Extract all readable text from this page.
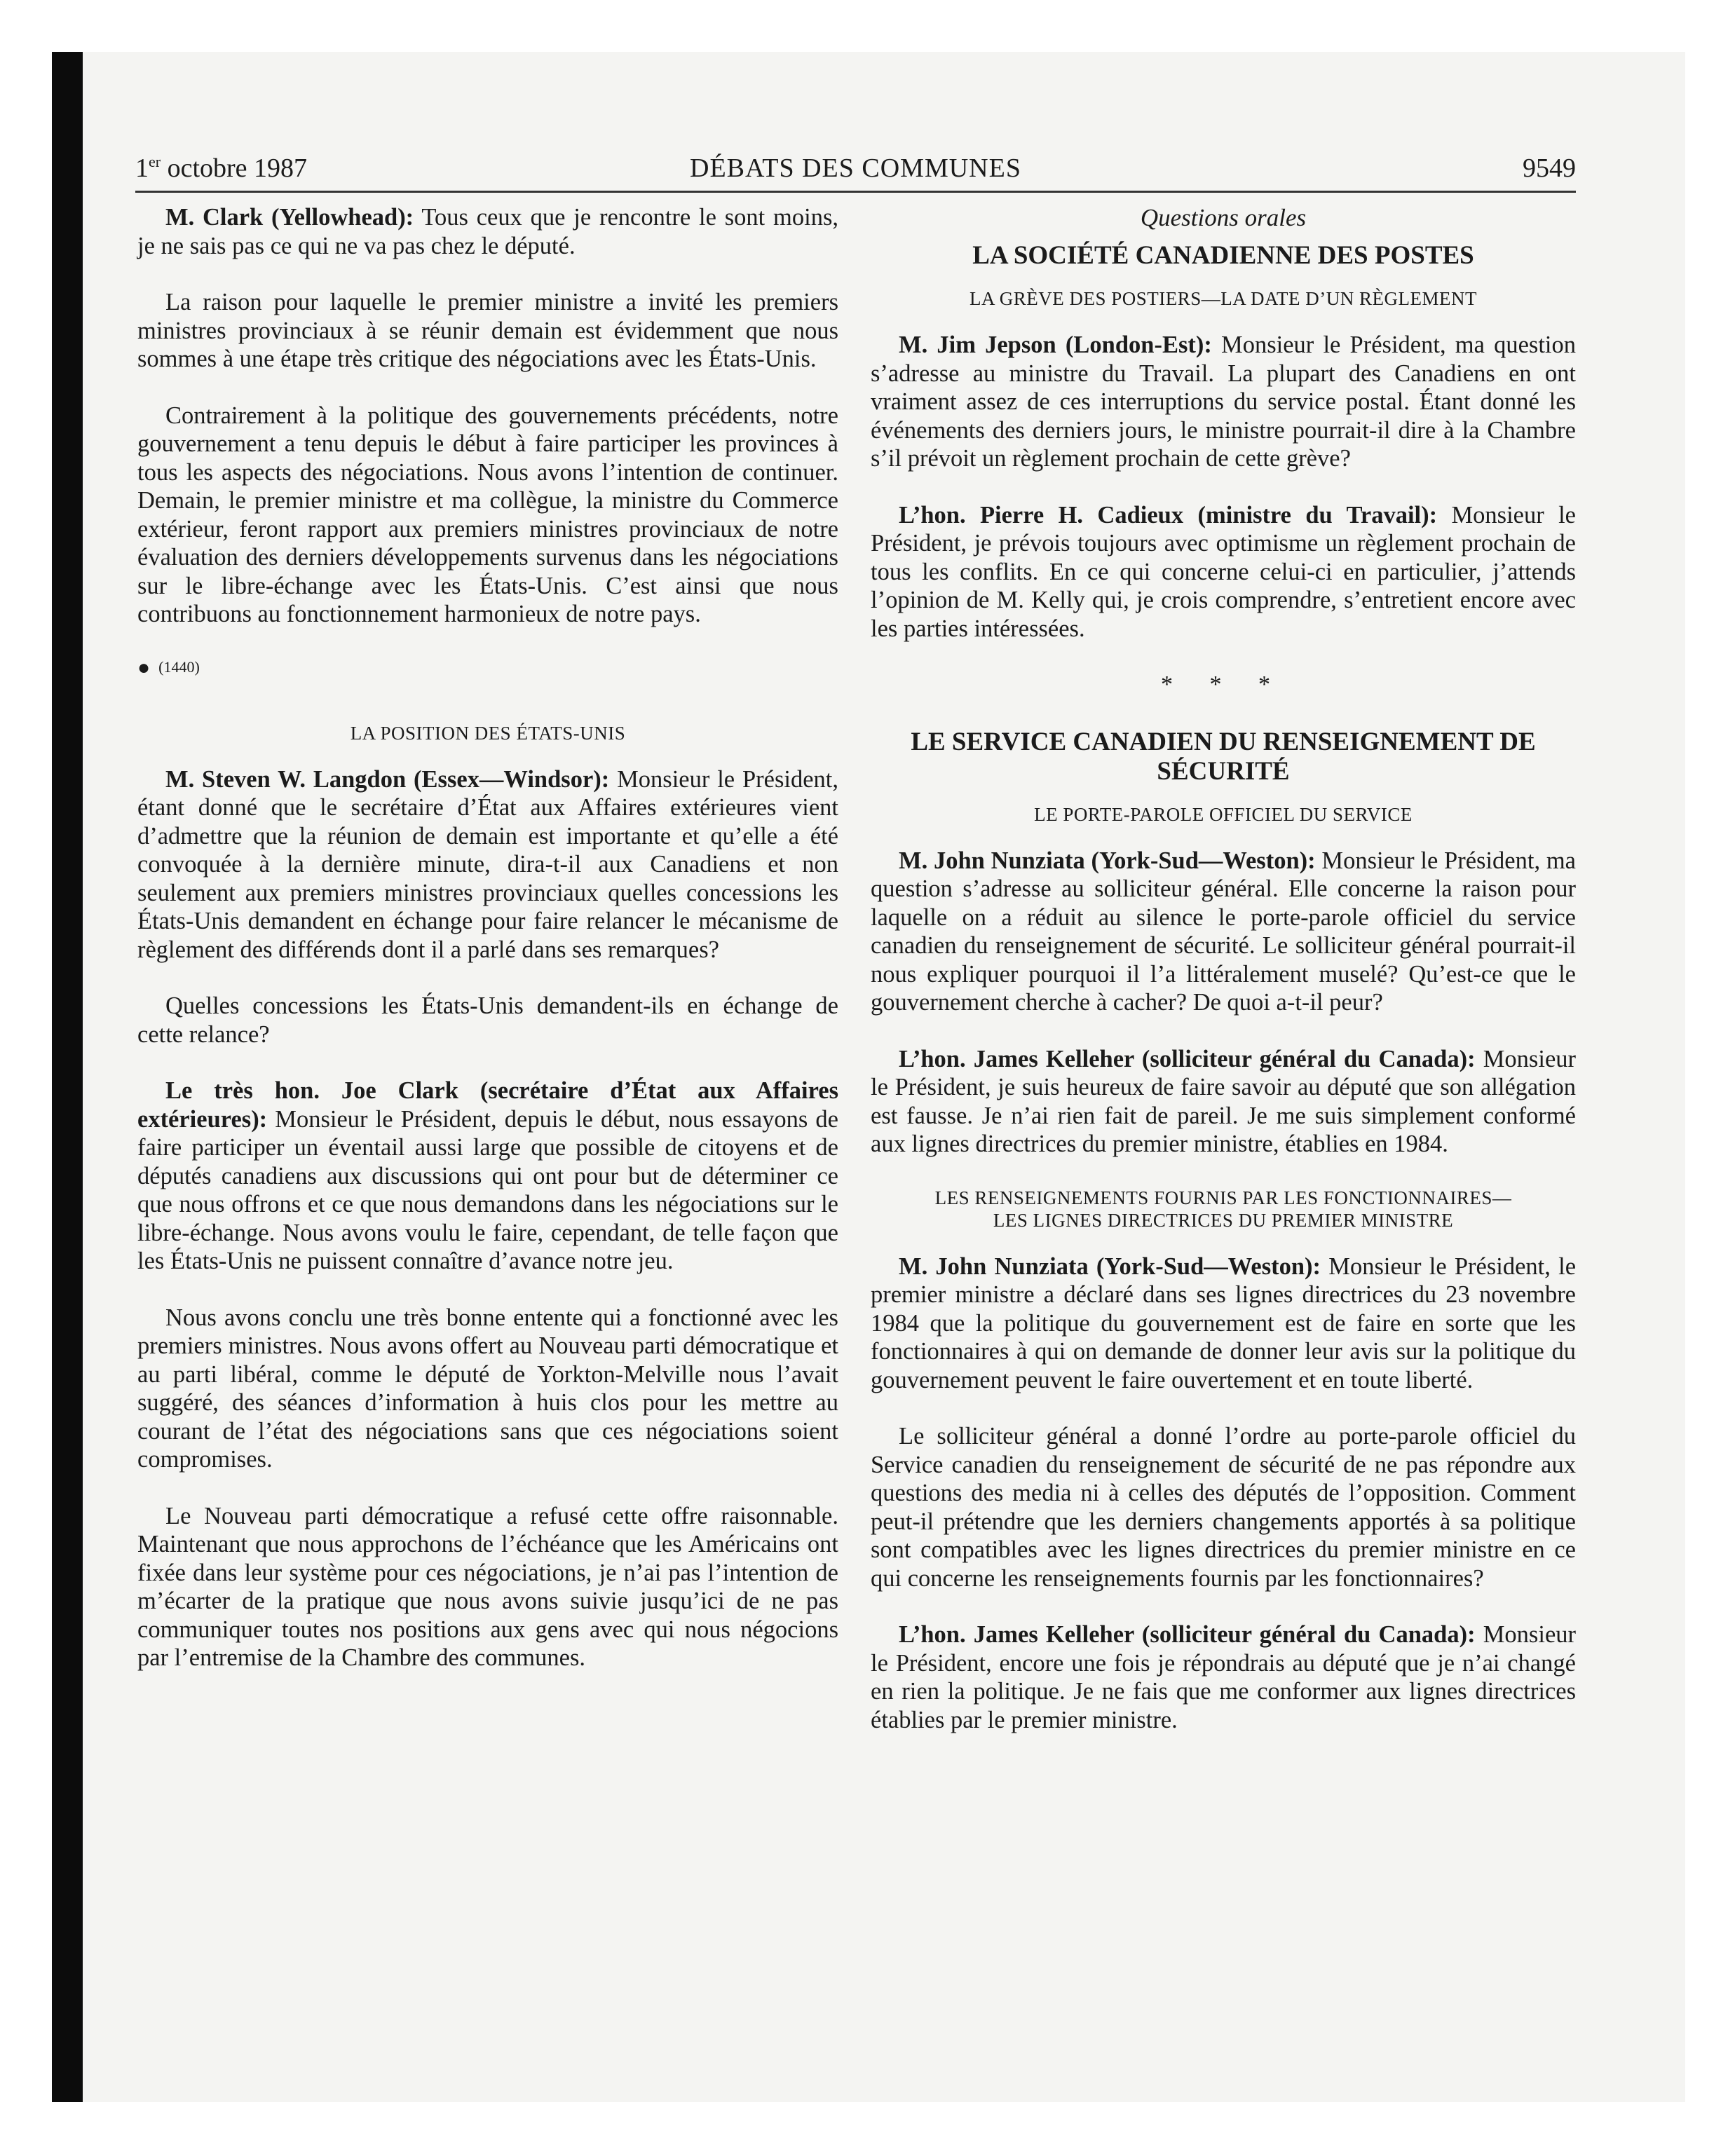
1er octobre 1987	DÉBATS DES COMMUNES	9549

M. Clark (Yellowhead): Tous ceux que je rencontre le sont moins, je ne sais pas ce qui ne va pas chez le député.

La raison pour laquelle le premier ministre a invité les premiers ministres provinciaux à se réunir demain est évidemment que nous sommes à une étape très critique des négociations avec les États-Unis.

Contrairement à la politique des gouvernements précédents, notre gouvernement a tenu depuis le début à faire participer les provinces à tous les aspects des négociations. Nous avons l’intention de continuer. Demain, le premier ministre et ma collègue, la ministre du Commerce extérieur, feront rapport aux premiers ministres provinciaux de notre évaluation des derniers développements survenus dans les négociations sur le libre-échange avec les États-Unis. C’est ainsi que nous contribuons au fonctionnement harmonieux de notre pays.

● (1440)
LA POSITION DES ÉTATS-UNIS

M. Steven W. Langdon (Essex—Windsor): Monsieur le Président, étant donné que le secrétaire d’État aux Affaires extérieures vient d’admettre que la réunion de demain est importante et qu’elle a été convoquée à la dernière minute, dira-t-il aux Canadiens et non seulement aux premiers ministres provinciaux quelles concessions les États-Unis demandent en échange pour faire relancer le mécanisme de règlement des différends dont il a parlé dans ses remarques?

Quelles concessions les États-Unis demandent-ils en échange de cette relance?

Le très hon. Joe Clark (secrétaire d’État aux Affaires extérieures): Monsieur le Président, depuis le début, nous essayons de faire participer un éventail aussi large que possible de citoyens et de députés canadiens aux discussions qui ont pour but de déterminer ce que nous offrons et ce que nous demandons dans les négociations sur le libre-échange. Nous avons voulu le faire, cependant, de telle façon que les États-Unis ne puissent connaître d’avance notre jeu.

Nous avons conclu une très bonne entente qui a fonctionné avec les premiers ministres. Nous avons offert au Nouveau parti démocratique et au parti libéral, comme le député de Yorkton-Melville nous l’avait suggéré, des séances d’information à huis clos pour les mettre au courant de l’état des négociations sans que ces négociations soient compromises.

Le Nouveau parti démocratique a refusé cette offre raisonnable. Maintenant que nous approchons de l’échéance que les Américains ont fixée dans leur système pour ces négociations, je n’ai pas l’intention de m’écarter de la pratique que nous avons suivie jusqu’ici de ne pas communiquer toutes nos positions aux gens avec qui nous négocions par l’entremise de la Chambre des communes.

Questions orales
LA SOCIÉTÉ CANADIENNE DES POSTES
LA GRÈVE DES POSTIERS—LA DATE D’UN RÈGLEMENT

M. Jim Jepson (London-Est): Monsieur le Président, ma question s’adresse au ministre du Travail. La plupart des Canadiens en ont vraiment assez de ces interruptions du service postal. Étant donné les événements des derniers jours, le ministre pourrait-il dire à la Chambre s’il prévoit un règlement prochain de cette grève?

L’hon. Pierre H. Cadieux (ministre du Travail): Monsieur le Président, je prévois toujours avec optimisme un règlement prochain de tous les conflits. En ce qui concerne celui-ci en particulier, j’attends l’opinion de M. Kelly qui, je crois comprendre, s’entretient encore avec les parties intéressées.

* * *
LE SERVICE CANADIEN DU RENSEIGNEMENT DE SÉCURITÉ
LE PORTE-PAROLE OFFICIEL DU SERVICE

M. John Nunziata (York-Sud—Weston): Monsieur le Président, ma question s’adresse au solliciteur général. Elle concerne la raison pour laquelle on a réduit au silence le porte-parole officiel du service canadien du renseignement de sécurité. Le solliciteur général pourrait-il nous expliquer pourquoi il l’a littéralement muselé? Qu’est-ce que le gouvernement cherche à cacher? De quoi a-t-il peur?

L’hon. James Kelleher (solliciteur général du Canada): Monsieur le Président, je suis heureux de faire savoir au député que son allégation est fausse. Je n’ai rien fait de pareil. Je me suis simplement conformé aux lignes directrices du premier ministre, établies en 1984.

LES RENSEIGNEMENTS FOURNIS PAR LES FONCTIONNAIRES—
LES LIGNES DIRECTRICES DU PREMIER MINISTRE

M. John Nunziata (York-Sud—Weston): Monsieur le Président, le premier ministre a déclaré dans ses lignes directrices du 23 novembre 1984 que la politique du gouvernement est de faire en sorte que les fonctionnaires à qui on demande de donner leur avis sur la politique du gouvernement peuvent le faire ouvertement et en toute liberté.

Le solliciteur général a donné l’ordre au porte-parole officiel du Service canadien du renseignement de sécurité de ne pas répondre aux questions des media ni à celles des députés de l’opposition. Comment peut-il prétendre que les derniers changements apportés à sa politique sont compatibles avec les lignes directrices du premier ministre en ce qui concerne les renseignements fournis par les fonctionnaires?

L’hon. James Kelleher (solliciteur général du Canada): Monsieur le Président, encore une fois je répondrais au député que je n’ai changé en rien la politique. Je ne fais que me conformer aux lignes directrices établies par le premier ministre.
